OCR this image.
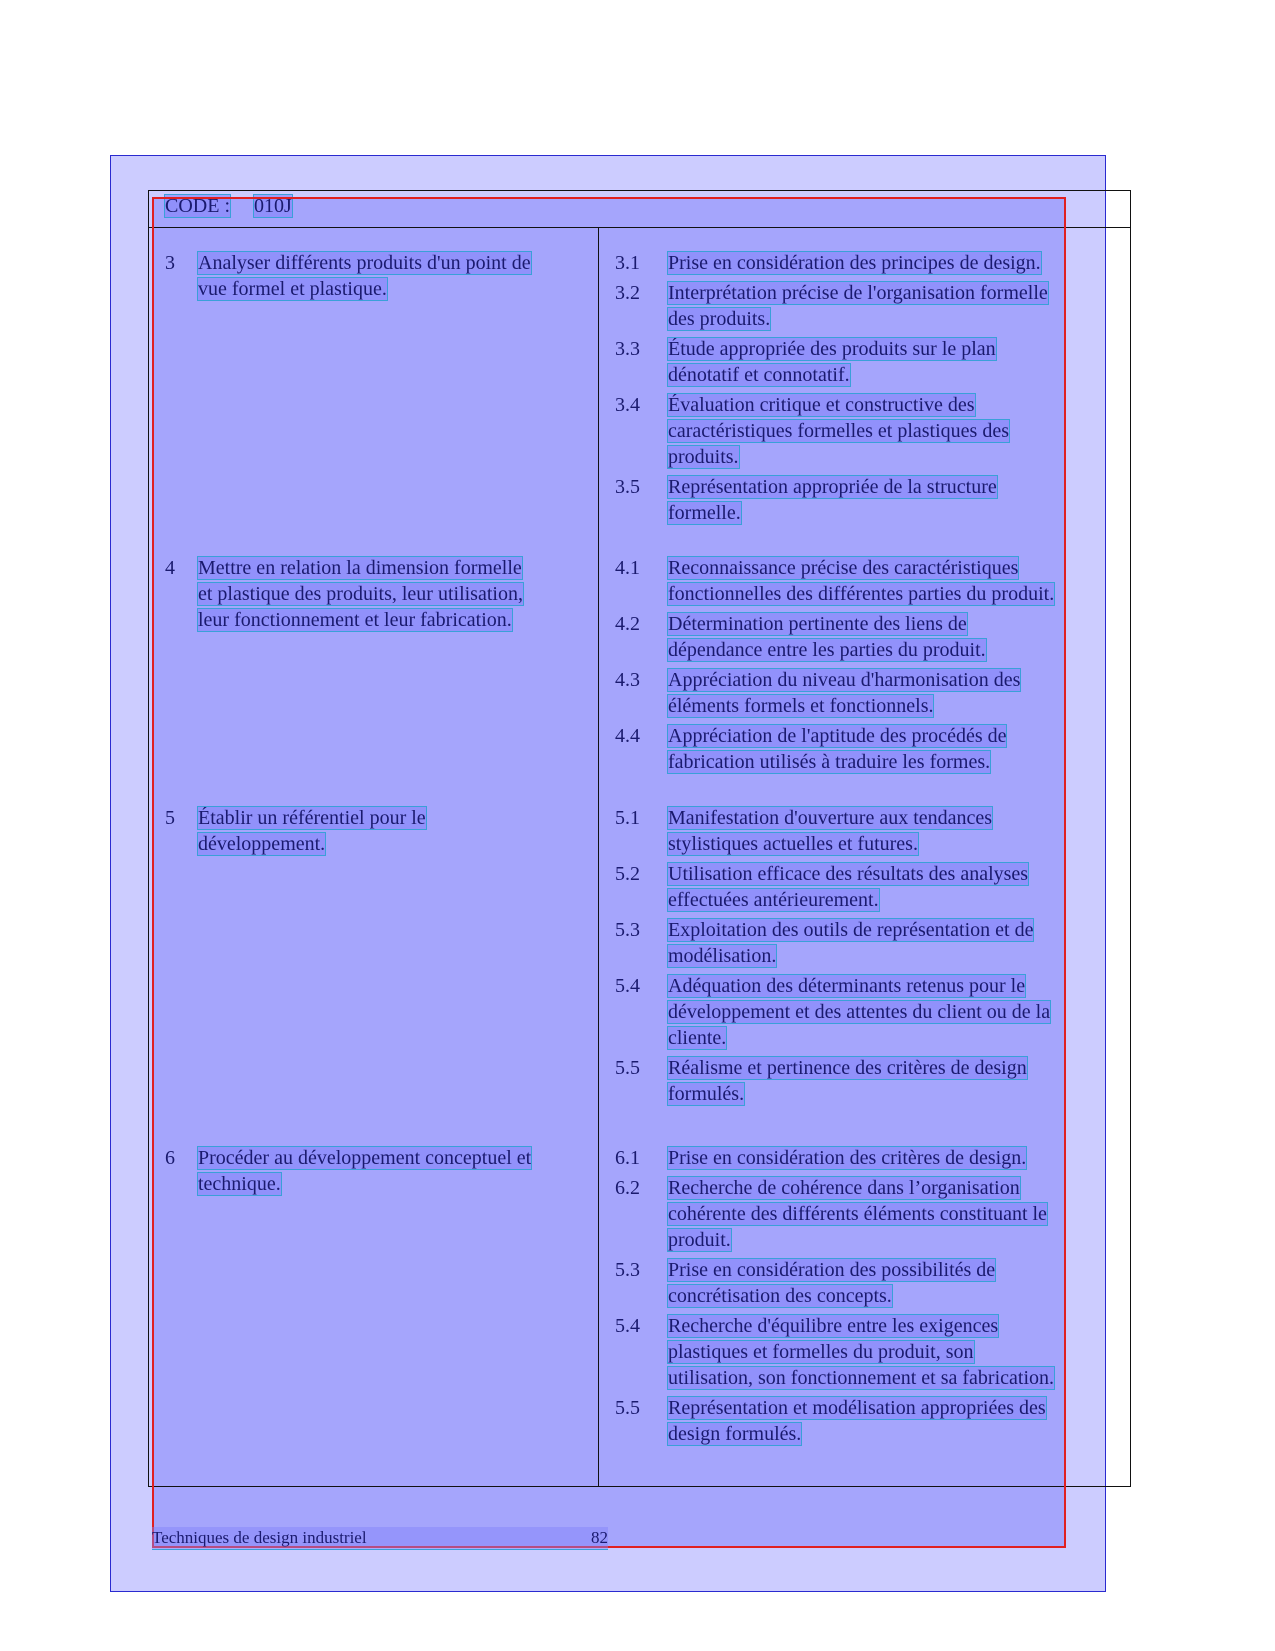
CODE : 010J
3 Analyser différents produits d'un point de
vue formel et plastique.
3.1 Prise en considération des principes de design.
3.2 Interprétation précise de l'organisation formelle
des produits.
3.3 Étude appropriée des produits sur le plan
dénotatif et connotatif.
3.4 Évaluation critique et constructive des
caractéristiques formelles et plastiques des
produits.
3.5 Représentation appropriée de la structure
formelle.
4 Mettre en relation la dimension formelle
et plastique des produits, leur utilisation,
leur fonctionnement et leur fabrication.
4.1 Reconnaissance précise des caractéristiques
fonctionnelles des différentes parties du produit.
4.2 Détermination pertinente des liens de
dépendance entre les parties du produit.
4.3 Appréciation du niveau d'harmonisation des
éléments formels et fonctionnels.
4.4 Appréciation de l'aptitude des procédés de
fabrication utilisés à traduire les formes.
5 Établir un référentiel pour le
développement.
5.1 Manifestation d'ouverture aux tendances
stylistiques actuelles et futures.
5.2 Utilisation efficace des résultats des analyses
effectuées antérieurement.
5.3 Exploitation des outils de représentation et de
modélisation.
5.4 Adéquation des déterminants retenus pour le
développement et des attentes du client ou de la
cliente.
5.5 Réalisme et pertinence des critères de design
formulés.
6 Procéder au développement conceptuel et
technique.
6.1 Prise en considération des critères de design.
6.2 Recherche de cohérence dans l’organisation
cohérente des différents éléments constituant le
produit.
5.3 Prise en considération des possibilités de
concrétisation des concepts.
5.4 Recherche d'équilibre entre les exigences
plastiques et formelles du produit, son
utilisation, son fonctionnement et sa fabrication.
5.5 Représentation et modélisation appropriées des
design formulés.
Techniques de design industriel	82
